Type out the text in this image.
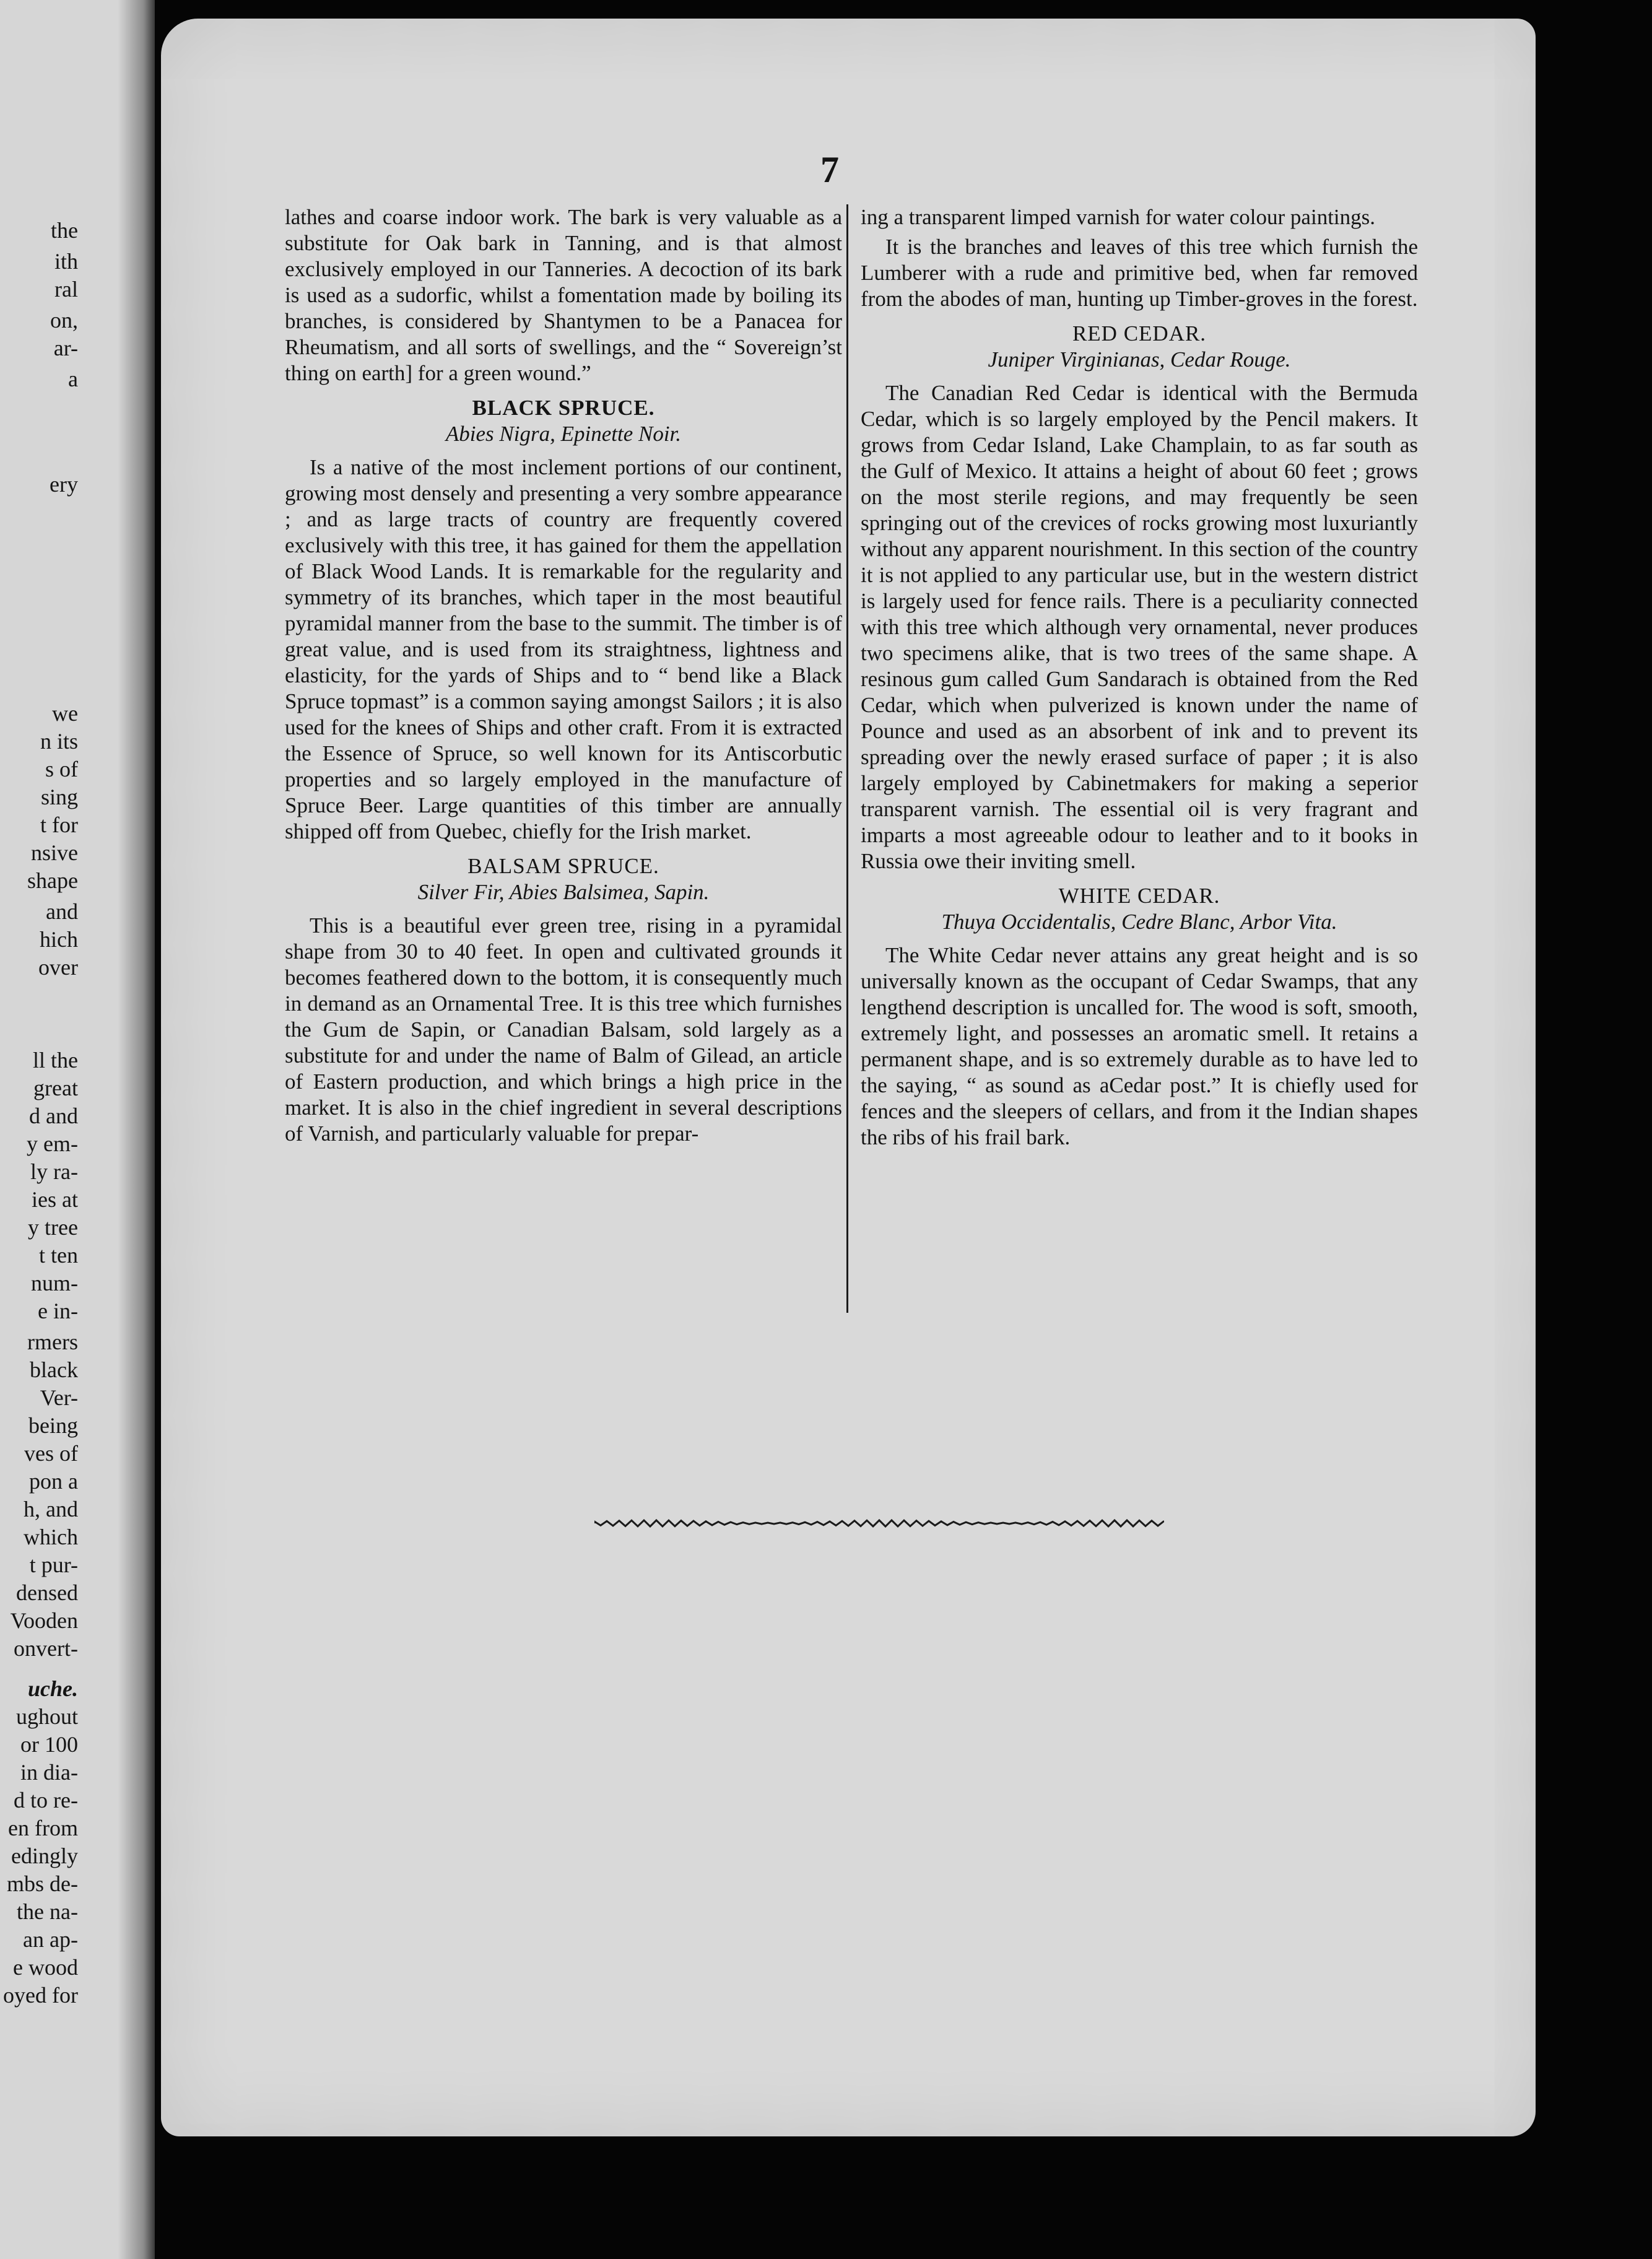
the
ith
ral
on,
ar-
a
ery
we
n its
s of
sing
t for
nsive
shape
and
hich
over
ll the
great
d and
y em-
ly ra-
ies at
y tree
t ten
num-
e in-
rmers
black
Ver-
being
ves of
pon a
h, and
which
t pur-
densed
Vooden
onvert-
uche.
ughout
or 100
in dia-
d to re-
en from
edingly
mbs de-
the na-
an ap-
e wood
oyed for
7

lathes and coarse indoor work. The bark is very valuable as a substitute for Oak bark in Tanning, and is that almost exclusively employed in our Tanneries. A decoction of its bark is used as a sudorfic, whilst a fomentation made by boiling its branches, is considered by Shantymen to be a Panacea for Rheumatism, and all sorts of swellings, and the “ Sovereign’st thing on earth] for a green wound.”

BLACK SPRUCE.
Abies Nigra, Epinette Noir.

Is a native of the most inclement portions of our continent, growing most densely and presenting a very sombre appearance ; and as large tracts of country are frequently covered exclusively with this tree, it has gained for them the appellation of Black Wood Lands. It is remarkable for the regularity and symmetry of its branches, which taper in the most beautiful pyramidal manner from the base to the summit. The timber is of great value, and is used from its straightness, lightness and elasticity, for the yards of Ships and to “ bend like a Black Spruce topmast” is a common saying amongst Sailors ; it is also used for the knees of Ships and other craft. From it is extracted the Essence of Spruce, so well known for its Antiscorbutic properties and so largely employed in the manufacture of Spruce Beer. Large quantities of this timber are annually shipped off from Quebec, chiefly for the Irish market.

BALSAM SPRUCE.
Silver Fir, Abies Balsimea, Sapin.

This is a beautiful ever green tree, rising in a pyramidal shape from 30 to 40 feet. In open and cultivated grounds it becomes feathered down to the bottom, it is consequently much in demand as an Ornamental Tree. It is this tree which furnishes the Gum de Sapin, or Canadian Balsam, sold largely as a substitute for and under the name of Balm of Gilead, an article of Eastern production, and which brings a high price in the market. It is also in the chief ingredient in several descriptions of Varnish, and particularly valuable for prepar-

ing a transparent limped varnish for water colour paintings.

It is the branches and leaves of this tree which furnish the Lumberer with a rude and primitive bed, when far removed from the abodes of man, hunting up Timber-groves in the forest.

RED CEDAR.
Juniper Virginianas, Cedar Rouge.

The Canadian Red Cedar is identical with the Bermuda Cedar, which is so largely employed by the Pencil makers. It grows from Cedar Island, Lake Champlain, to as far south as the Gulf of Mexico. It attains a height of about 60 feet ; grows on the most sterile regions, and may frequently be seen springing out of the crevices of rocks growing most luxuriantly without any apparent nourishment. In this section of the country it is not applied to any particular use, but in the western district is largely used for fence rails. There is a peculiarity connected with this tree which although very ornamental, never produces two specimens alike, that is two trees of the same shape. A resinous gum called Gum Sandarach is obtained from the Red Cedar, which when pulverized is known under the name of Pounce and used as an absorbent of ink and to prevent its spreading over the newly erased surface of paper ; it is also largely employed by Cabinetmakers for making a seperior transparent varnish. The essential oil is very fragrant and imparts a most agreeable odour to leather and to it books in Russia owe their inviting smell.

WHITE CEDAR.
Thuya Occidentalis, Cedre Blanc, Arbor Vita.

The White Cedar never attains any great height and is so universally known as the occupant of Cedar Swamps, that any lengthend description is uncalled for. The wood is soft, smooth, extremely light, and possesses an aromatic smell. It retains a permanent shape, and is so extremely durable as to have led to the saying, “ as sound as aCedar post.” It is chiefly used for fences and the sleepers of cellars, and from it the Indian shapes the ribs of his frail bark.
